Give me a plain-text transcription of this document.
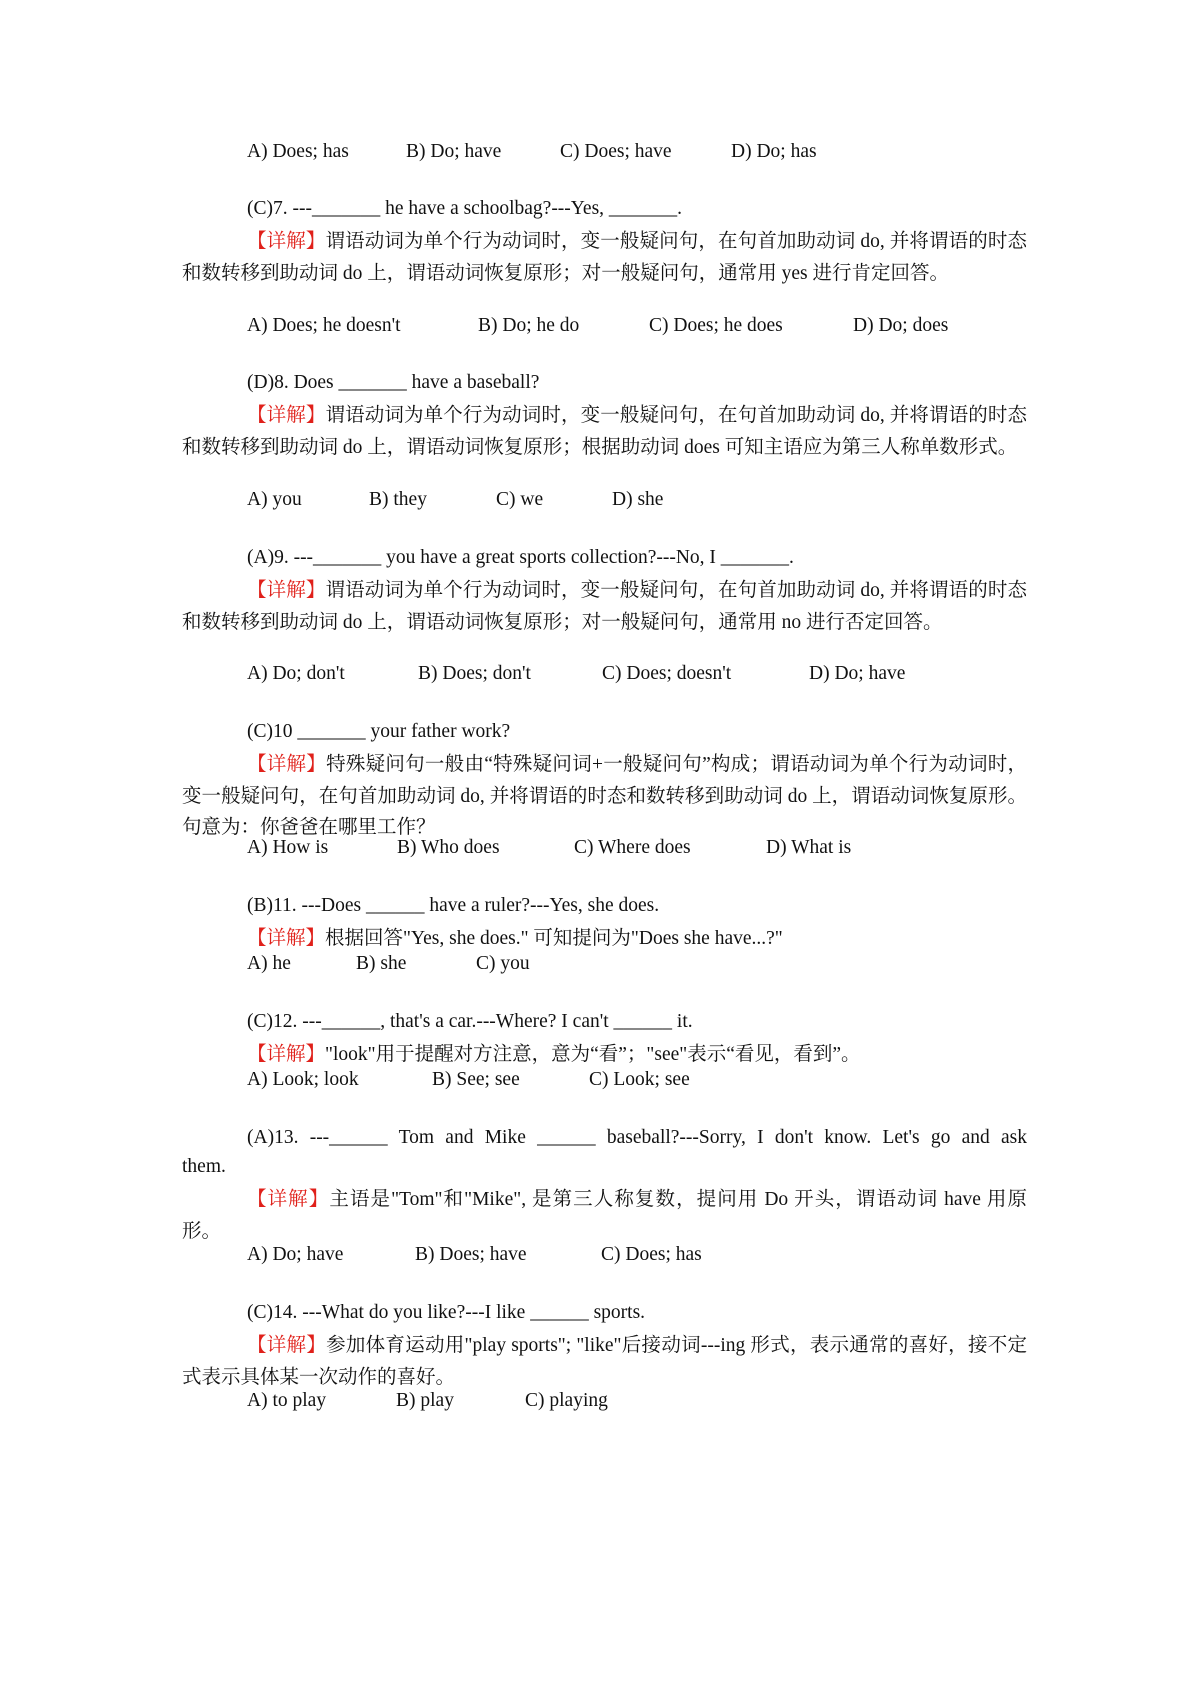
A) Does; has	B) Do; have	C) Does; have	D) Do; has
(C)7. ---_______ he have a schoolbag?---Yes, _______.

【详解】谓语动词为单个行为动词时，变一般疑问句，在句首加助动词 do, 并将谓语的时态和数转移到助动词 do 上，谓语动词恢复原形；对一般疑问句，通常用 yes 进行肯定回答。

A) Does; he doesn't	B) Do; he do	C) Does; he does	D) Do; does
(D)8. Does _______ have a baseball?

【详解】谓语动词为单个行为动词时，变一般疑问句，在句首加助动词 do, 并将谓语的时态和数转移到助动词 do 上，谓语动词恢复原形；根据助动词 does 可知主语应为第三人称单数形式。

A) you	B) they	C) we	D) she
(A)9. ---_______ you have a great sports collection?---No, I _______.

【详解】谓语动词为单个行为动词时，变一般疑问句，在句首加助动词 do, 并将谓语的时态和数转移到助动词 do 上，谓语动词恢复原形；对一般疑问句，通常用 no 进行否定回答。

A) Do; don't	B) Does; don't	C) Does; doesn't	D) Do; have
(C)10 _______ your father work?

【详解】特殊疑问句一般由“特殊疑问词+一般疑问句”构成；谓语动词为单个行为动词时，变一般疑问句，在句首加助动词 do, 并将谓语的时态和数转移到助动词 do 上，谓语动词恢复原形。句意为：你爸爸在哪里工作？

A) How is	B) Who does	C) Where does	D) What is
(B)11. ---Does ______ have a ruler?---Yes, she does.

【详解】根据回答"Yes, she does." 可知提问为"Does she have...?"

A) he	B) she	C) you
(C)12. ---______, that's a car.---Where? I can't ______ it.

【详解】"look"用于提醒对方注意，意为“看”；"see"表示“看见，看到”。

A) Look; look	B) See; see	C) Look; see
(A)13. ---______ Tom and Mike ______ baseball?---Sorry, I don't know. Let's go and ask
them.

【详解】主语是"Tom"和"Mike", 是第三人称复数，提问用 Do 开头，谓语动词 have 用原形。

A) Do; have	B) Does; have	C) Does; has
(C)14. ---What do you like?---I like ______ sports.

【详解】参加体育运动用"play sports"; "like"后接动词---ing 形式，表示通常的喜好，接不定式表示具体某一次动作的喜好。

A) to play	B) play	C) playing
